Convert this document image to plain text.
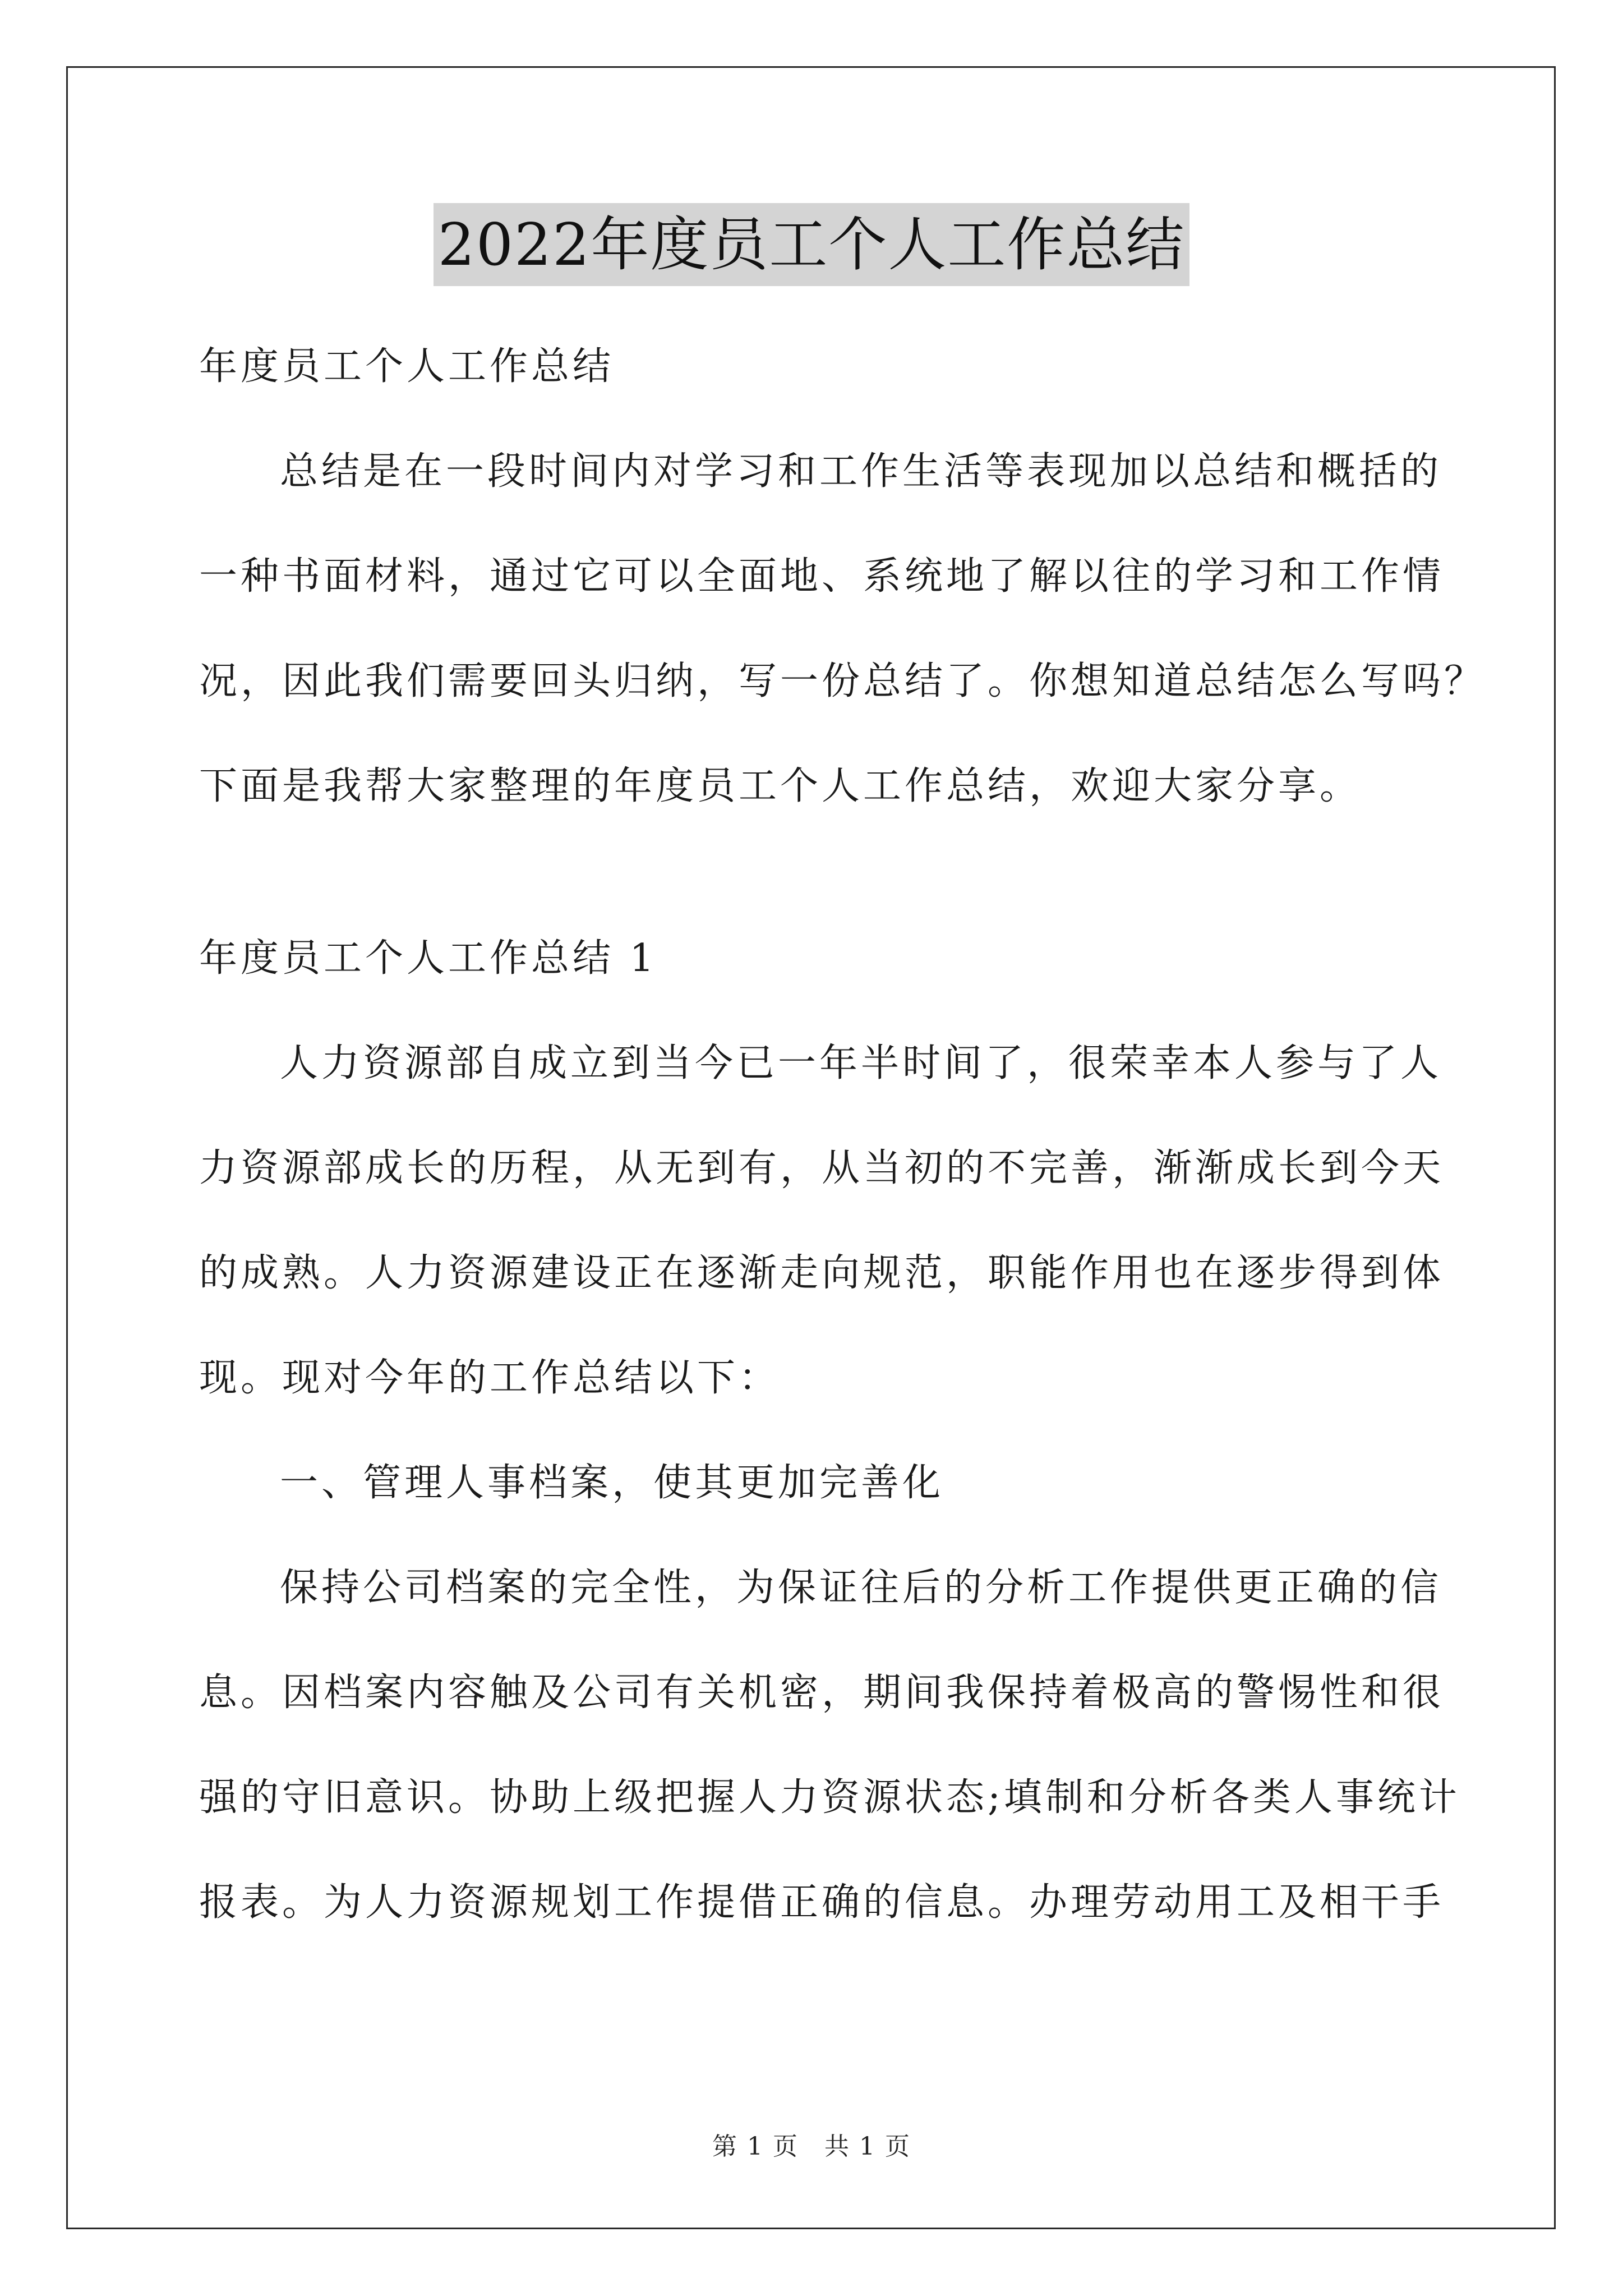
2022年度员工个人工作总结
年度员工个人工作总结
总结是在一段时间内对学习和工作生活等表现加以总结和概括的
一种书面材料，通过它可以全面地、系统地了解以往的学习和工作情
况，因此我们需要回头归纳，写一份总结了。你想知道总结怎么写吗？
下面是我帮大家整理的年度员工个人工作总结，欢迎大家分享。
年度员工个人工作总结 1
人力资源部自成立到当今已一年半时间了，很荣幸本人参与了人
力资源部成长的历程，从无到有，从当初的不完善，渐渐成长到今天
的成熟。人力资源建设正在逐渐走向规范，职能作用也在逐步得到体
现。现对今年的工作总结以下：
一、管理人事档案，使其更加完善化
保持公司档案的完全性，为保证往后的分析工作提供更正确的信
息。因档案内容触及公司有关机密，期间我保持着极高的警惕性和很
强的守旧意识。协助上级把握人力资源状态;填制和分析各类人事统计
报表。为人力资源规划工作提借正确的信息。办理劳动用工及相干手
第 1 页　共 1 页
